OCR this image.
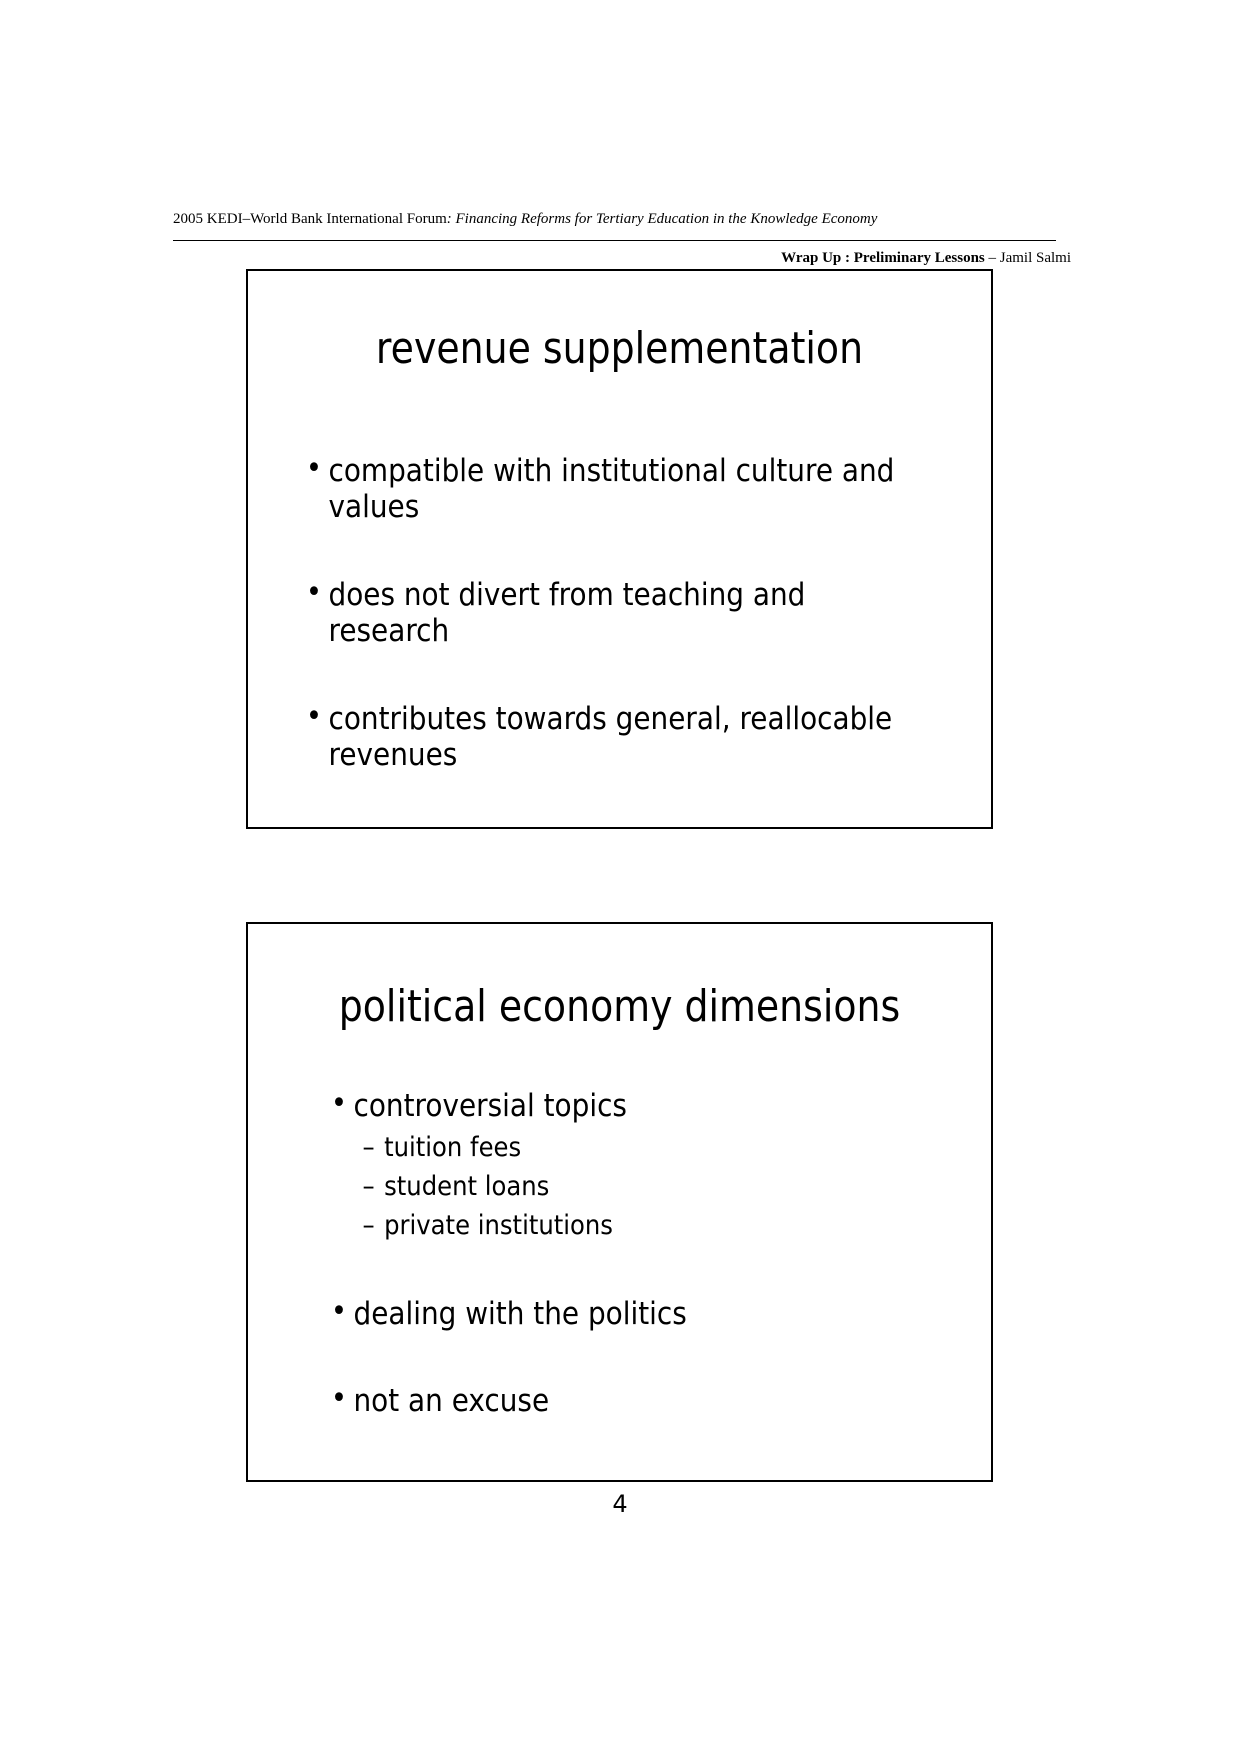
2005 KEDI–World Bank International Forum: Financing Reforms for Tertiary Education in the Knowledge Economy
Wrap Up : Preliminary Lessons – Jamil Salmi
revenue supplementation
• compatible with institutional culture and
values
• does not divert from teaching and
research
• contributes towards general, reallocable
revenues
political economy dimensions
• controversial topics
– tuition fees
– student loans
– private institutions
• dealing with the politics
• not an excuse
4
